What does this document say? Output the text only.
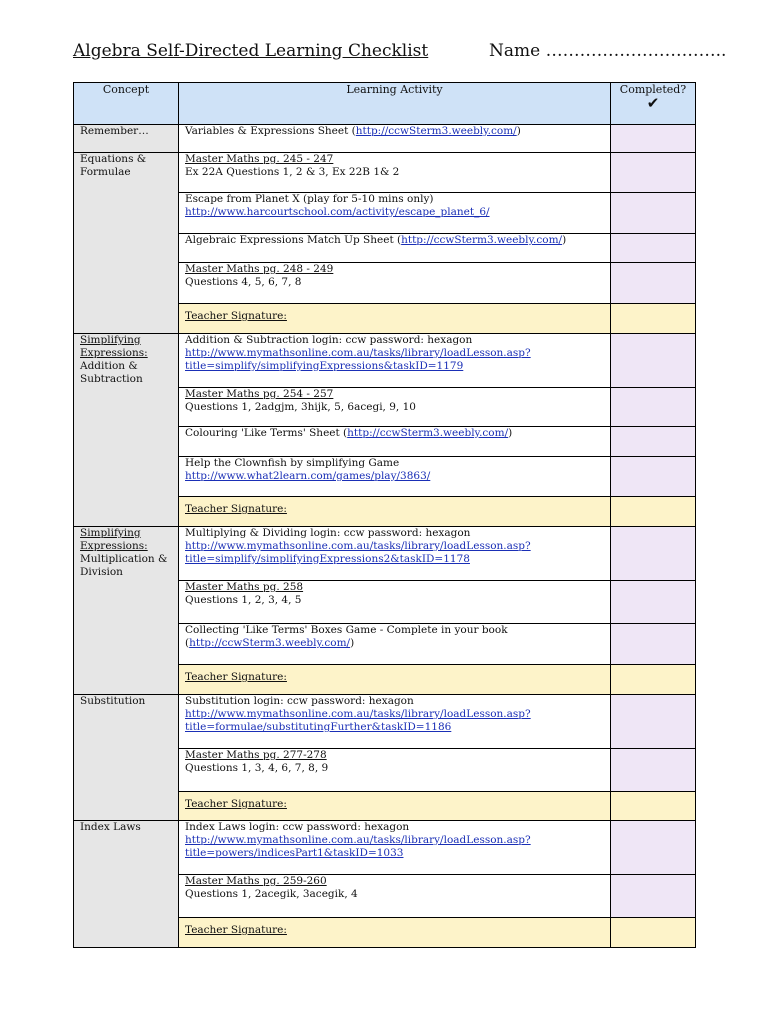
Algebra Self-Directed Learning Checklist	Name …………………………..
Concept	Learning Activity	Completed?
✔

Remember…	Variables & Expressions Sheet (http://ccwSterm3.weebly.com/)	

Equations &
Formulae	Master Maths pg. 245 - 247
Ex 22A Questions 1, 2 & 3, Ex 22B 1& 2	

	Escape from Planet X (play for 5-10 mins only)
http://www.harcourtschool.com/activity/escape_planet_6/	

	Algebraic Expressions Match Up Sheet (http://ccwSterm3.weebly.com/)	

	Master Maths pg. 248 - 249
Questions 4, 5, 6, 7, 8	

	Teacher Signature:	

Simplifying
Expressions:
Addition &
Subtraction	Addition & Subtraction login: ccw password: hexagon
http://www.mymathsonline.com.au/tasks/library/loadLesson.asp?
title=simplify/simplifyingExpressions&taskID=1179	

	Master Maths pg. 254 - 257
Questions 1, 2adgjm, 3hijk, 5, 6acegi, 9, 10	

	Colouring 'Like Terms' Sheet (http://ccwSterm3.weebly.com/)	

	Help the Clownfish by simplifying Game
http://www.what2learn.com/games/play/3863/	

	Teacher Signature:	

Simplifying
Expressions:
Multiplication &
Division	Multiplying & Dividing login: ccw password: hexagon
http://www.mymathsonline.com.au/tasks/library/loadLesson.asp?
title=simplify/simplifyingExpressions2&taskID=1178	

	Master Maths pg. 258
Questions 1, 2, 3, 4, 5	

	Collecting 'Like Terms' Boxes Game - Complete in your book
(http://ccwSterm3.weebly.com/)	

	Teacher Signature:	

Substitution	Substitution login: ccw password: hexagon
http://www.mymathsonline.com.au/tasks/library/loadLesson.asp?
title=formulae/substitutingFurther&taskID=1186	

	Master Maths pg. 277-278
Questions 1, 3, 4, 6, 7, 8, 9	

	Teacher Signature:	

Index Laws	Index Laws login: ccw password: hexagon
http://www.mymathsonline.com.au/tasks/library/loadLesson.asp?
title=powers/indicesPart1&taskID=1033	

	Master Maths pg. 259-260
Questions 1, 2acegik, 3acegik, 4	

	Teacher Signature:	
